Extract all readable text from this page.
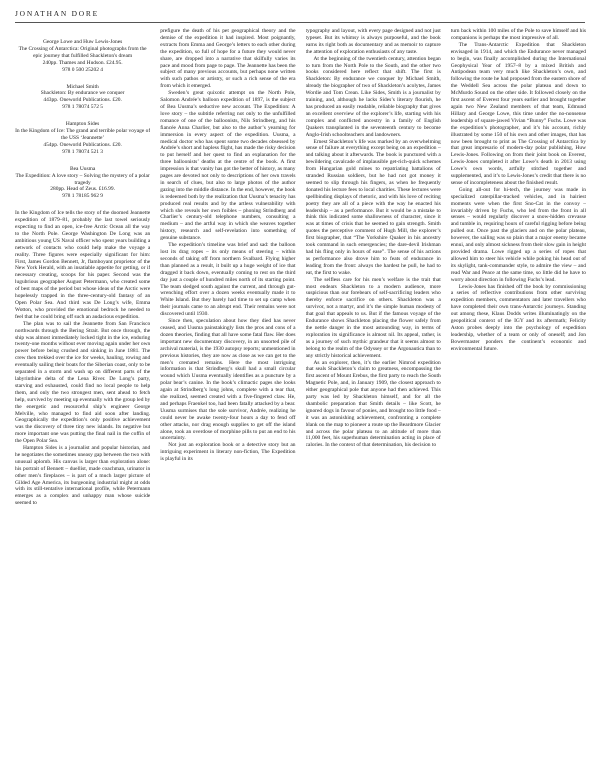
JONATHAN DORE
George Lowe and Huw Lewis-Jones
The Crossing of Antarctica: Original photographs from the epic journey that fulfilled Shackleton's dream
240pp. Thames and Hudson. £24.95.
978 0 500 25202 4
Michael Smith
Shackleton: By endurance we conquer
443pp. Oneworld Publications. £20.
978 1 78074 572 5
Hampton Sides
In the Kingdom of Ice: The grand and terrible polar voyage of the USS ‘Jeannette’
454pp. Oneworld Publications. £20.
978 1 78074 521 3
Bea Uusma
The Expedition: A love story – Solving the mystery of a polar tragedy
280pp. Head of Zeus. £16.99.
978 1 78185 962 9

In the Kingdom of Ice tells the story of the doomed Jeannette expedition of 1879–81, probably the last towel seriously expecting to find an open, ice-free Arctic Ocean all the way to the North Pole. George Washington De Long was an ambitious young US Naval officer who spent years building a network of contacts who could help make the voyage a reality. Three figures were especially significant for him: First, James Gordon Bennett, Jr, flamboyant proprietor of the New York Herald, with an insatiable appetite for getting, or if necessary creating, scoops for his paper. Second was the lugubrious geographer August Petermann, who created some of best maps of the period but whose ideas of the Arctic were hopelessly trapped in the three-century-old fantasy of an Open Polar Sea. And third was De Long’s wife, Emma Wotton, who provided the emotional bedrock he needed to feel that he could bring off such an audacious expedition.

The plan was to sail the Jeannette from San Francisco northwards through the Bering Strait. But once through, the ship was almost immediately locked tight in the ice, enduring twenty-one months without ever moving again under her own power before being crushed and sinking in June 1881. The crew then trekked over the ice for weeks, hauling, rowing and eventually sailing their boats for the Siberian coast, only to be separated in a storm and wash up on different parts of the labyrinthine delta of the Lena River. De Long’s party, starving and exhausted, could find no local people to help them, and only the two strongest men, sent ahead to fetch help, survived by meeting up eventually with the group led by the energetic and resourceful ship’s engineer George Melville, who managed to find aid soon after landing. Geographically the expedition’s only positive achievement was the discovery of three tiny new islands. Its negative but more important one was putting the final nail in the coffin of the Open Polar Sea.

Hampton Sides is a journalist and popular historian, and he negotiates the sometimes uneasy gap between the two with unusual aplomb. His canvas is larger than exploration alone: his portrait of Bennett – duellist, made coachman, urinator in other men’s fireplaces – is part of a much larger picture of Gilded Age America, its burgeoning industrial might at odds with its still-tentative international profile, while Petermann emerges as a complex and unhappy man whose suicide seemed to

prefigure the death of his pet geographical theory and the demise of the expedition it had inspired. Most poignantly, extracts from Emma and George’s letters to each other during the expedition, so full of hope for a future they would never share, are dropped into a narrative that skilfully varies its pace and mood from page to page. The Jeannette has been the subject of many previous accounts, but perhaps none written with such pathos or artistry, or such a rich sense of the era from which it emerged.

Sweden’s great quixotic attempt on the North Pole, Salomon Andrée’s balloon expedition of 1897, is the subject of Bea Uusma’s seductive new account. The Expedition: A love story – the subtitle referring not only to the unfulfilled romance of one of the balloonists, Nils Strindberg, and his fiancée Anna Charlier, but also to the author’s yearning for immersion in every aspect of the expedition. Uusma, a medical doctor who has spent some two decades obsessed by Andrée’s short and hapless flight, has made the risky decision to put herself and her quest to find an explanation for the three balloonists’ deaths at the centre of the book. A first impression is that vanity has got the better of history, as many pages are devoted not only to descriptions of her own travels in search of clues, but also to large photos of the author gazing into the middle distance. In the end, however, the book is redeemed both by the realization that Uusma’s tenacity has produced real results and by the artless vulnerability with which she reveals her own foibles – phoning Strindberg and Charlier’s century-old telephone numbers, consulting a medium – and the artful way in which she weaves together history, research and self-revelation into something of genuine substance.

The expedition’s timeline was brief and sad: the balloon lost its drag ropes – its only means of steering – within seconds of taking off from northern Svalbard. Flying higher than planned as a result, it built up a huge weight of ice that dragged it back down, eventually coming to rest on the third day just a couple of hundred miles north of its starting point. The team sledged south against the current, and through gut-wrenching effort over a dozen weeks eventually made it to White Island. But they barely had time to set up camp when their journals came to an abrupt end. Their remains were not discovered until 1930.

Since then, speculation about how they died has never ceased, and Uusma painstakingly lists the pros and cons of a dozen theories, finding that all have some fatal flaw. Her does important new documentary discovery, in an unsorted pile of archival material, is the 1930 autopsy reports; unmentioned in previous histories, they are now as close as we can get to the men’s cremated remains. Here the most intriguing information is that Strindberg’s skull had a small circular wound which Uusma eventually identifies as a puncture by a polar bear’s canine. In the book’s climactic pages she looks again at Strindberg’s long johns, complete with a tear that, she realized, seemed created with a five-fingered claw. He, and perhaps Fraenkel too, had been fatally attacked by a bear. Uusma surmises that the sole survivor, Andrée, realizing he could never be awake twenty-four hours a day to fend off other attacks, nor drag enough supplies to get off the island alone, took an overdose of morphine pills to put an end to his uncertainty.

Not just an exploration book or a detective story but an intriguing experiment in literary non-fiction, The Expedition is playful in its

typography and layout, with every page designed and not just typeset. But its whimsy is always purposeful, and the book earns its right both as documentary and as memoir to capture the attention of exploration enthusiasts of any taste.

At the beginning of the twentieth century, attention began to turn from the North Pole to the South, and the other two books considered here reflect that shift. The first is Shackleton: By endurance we conquer by Michael Smith, already the biographer of two of Shackleton’s acolytes, James Wordie and Tom Crean. Like Sides, Smith is a journalist by training, and, although he lacks Sides’s literary flourish, he has produced an easily readable, reliable biography that gives an excellent overview of the explorer’s life, starting with his complex and conflicted ancestry in a family of English Quakers transplanted in the seventeenth century to become Anglo-Irish schoolteachers and landowners.

Ernest Shackleton’s life was marked by an overwhelming sense of failure at everything except being on an expedition – and talking about it afterwards. The book is punctured with a bewildering cavalcade of implausible get-rich-quick schemes from Hungarian gold mines to repatriating battalions of stranded Russian soldiers, but he had not got money it seemed to slip through his fingers, as when he frequently donated his lecture fees to local charities. These lectures were spellbinding displays of rhetoric, and with his love of reciting poetry they are all of a piece with the way he enacted his leadership – as a performance. But it would be a mistake to think this indicated some shallowness of character, since it was at times of crisis that he seemed to gain strength. Smith quotes the perceptive comment of Hugh Mill, the explorer’s first biographer, that “The Yorkshire Quaker in his ancestry took command in such emergencies; the dare-devil Irishman had his fling only in hours of ease”. The sense of his actions as performance also drove him to feats of endurance in leading from the front: always the hardest he pull, he had to eat, the first to wake.

The selfless care for his men’s welfare is the trait that most endears Shackleton to a modern audience, more suspicious than our forebears of self-sacrificing leaders who thereby enforce sacrifice on others. Shackleton was a survivor, not a martyr, and it’s the simple human modesty of that goal that appeals to us. But if the famous voyage of the Endurance shows Shackleton placing the flower safely from the nettle danger in the most astounding way, in terms of exploration its significance is almost nil. Its appeal, rather, is as a journey of such mythic grandeur that it seems almost to belong to the realm of the Odyssey or the Argonautica than to any strictly historical achievement.

As an explorer, then, it’s the earlier Nimrod expedition that seals Shackleton’s claim to greatness, encompassing the first ascent of Mount Erebus, the first party to reach the South Magnetic Pole, and, in January 1909, the closest approach to either geographical pole that anyone had then achieved. This party was led by Shackleton himself, and for all the shambolic preparation that Smith details – like Scott, he ignored dogs in favour of ponies, and brought too little food – it was an astonishing achievement, confronting a complete blank on the map to pioneer a route up the Beardmore Glacier and across the polar plateau to an altitude of more than 11,000 feet, his superhuman determination acting in place of calories. In the context of that determination, his decision to

turn back within 100 miles of the Pole to save himself and his companions is perhaps the most impressive of all.

The Trans-Antarctic Expedition that Shackleton envisaged in 1914, and which the Endurance never managed to begin, was finally accomplished during the International Geophysical Year of 1957–8 by a mixed British and Antipodean team very much like Shackleton’s own, and following the route he had proposed from the eastern shore of the Weddell Sea across the polar plateau and down to McMurdo Sound on the other side. It followed closely on the first ascent of Everest four years earlier and brought together again two New Zealand members of that team, Edmund Hillary and George Lowe, this time under the no-nonsense leadership of square-jawed Vivian “Bunny” Fuchs. Lowe was the expedition’s photographer, and it’s his account, richly illustrated by some 150 of his own and other images, that has now been brought to print as The Crossing of Antarctica by that great impresario of modern-day polar publishing, Huw Lewis-Jones. Following on from their joint book on Everest, Lewis-Jones completed it after Lowe’s death in 2013 using Lowe’s own words, artfully stitched together and supplemented, and it’s to Lewis-Jones’s credit that there is no sense of incompleteness about the finished result.

Going all-out for hi-tech, the journey was made in specialized caterpillar-tracked vehicles, and in hairiest moments were when the first Sno-Cat in the convoy – invariably driven by Fuchs, who led from the front in all senses – would regularly discover a snow-hidden crevasse and tumble in, requiring hours of careful rigging before being pulled out. Once past the glaciers and on the polar plateau, however, the sailing was so plain that a major enemy became ennui, and only almost sickness from their slow gain in height provided drama. Lowe rigged up a series of ropes that allowed him to steer his vehicle while poking his head out of its skylight, tank-commander style, to admire the view – and read War and Peace at the same time, so little did he have to worry about direction in following Fuchs’s lead.

Lewis-Jones has finished off the book by commissioning a series of reflective contributions from other surviving expedition members, commentators and later travellers who have completed their own trans-Antarctic journeys. Standing out among these, Klaus Dodds writes illuminatingly on the geopolitical context of the IGY and its aftermath; Felicity Aston probes deeply into the psychology of expedition leadership, whether of a team or only of oneself; and Jon Bowermaster ponders the continent’s economic and environmental future.
